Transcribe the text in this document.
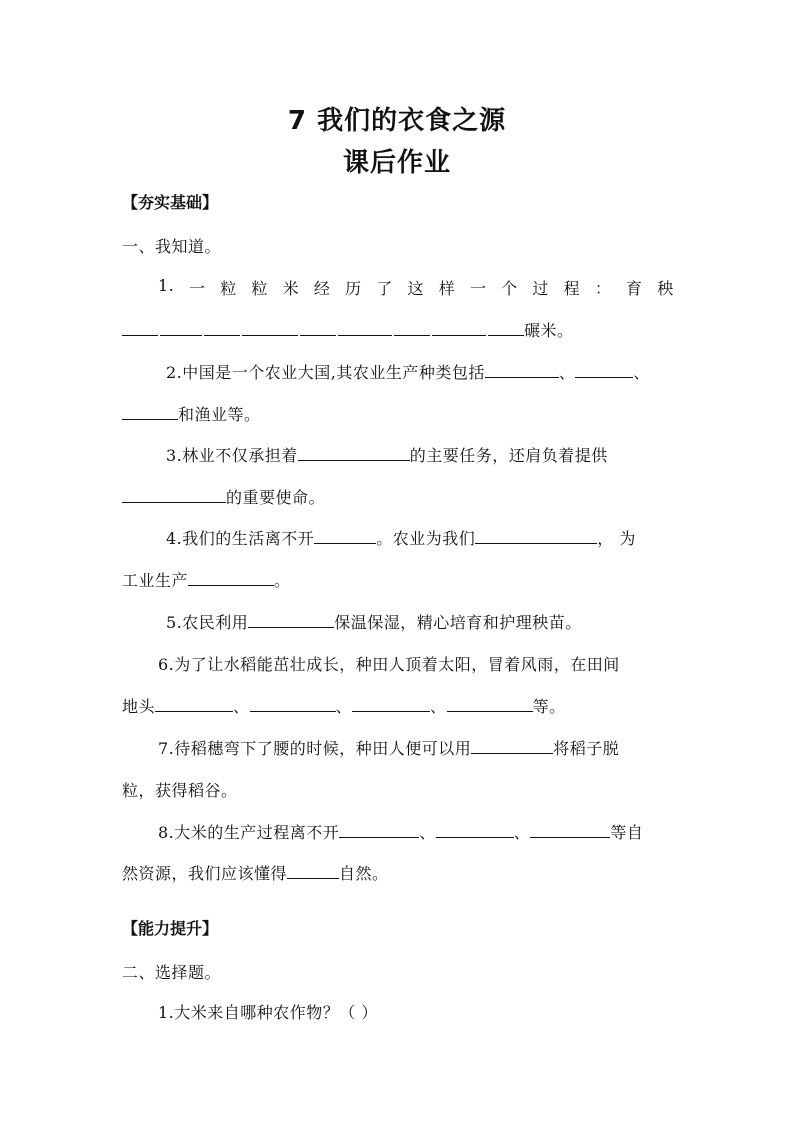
7 我们的衣食之源
课后作业
【夯实基础】
一、我知道。
1. 一 粒 粒 米 经 历 了 这 样 一 个 过 程 ： 育 秧
碾米。
2.中国是一个农业大国,其农业生产种类包括	、	、
和渔业等。
3.林业不仅承担着	的主要任务，还肩负着提供
的重要使命。
4.我们的生活离不开	。农业为我们	， 为
工业生产	。
5.农民利用	保温保湿，精心培育和护理秧苗。
6.为了让水稻能茁壮成长，种田人顶着太阳，冒着风雨，在田间
地头	、	、	、	等。
7.待稻穗弯下了腰的时候，种田人便可以用	将稻子脱
粒，获得稻谷。
8.大米的生产过程离不开	、	、	等自
然资源，我们应该懂得	自然。
【能力提升】
二、选择题。
1.大米来自哪种农作物？（ ）
